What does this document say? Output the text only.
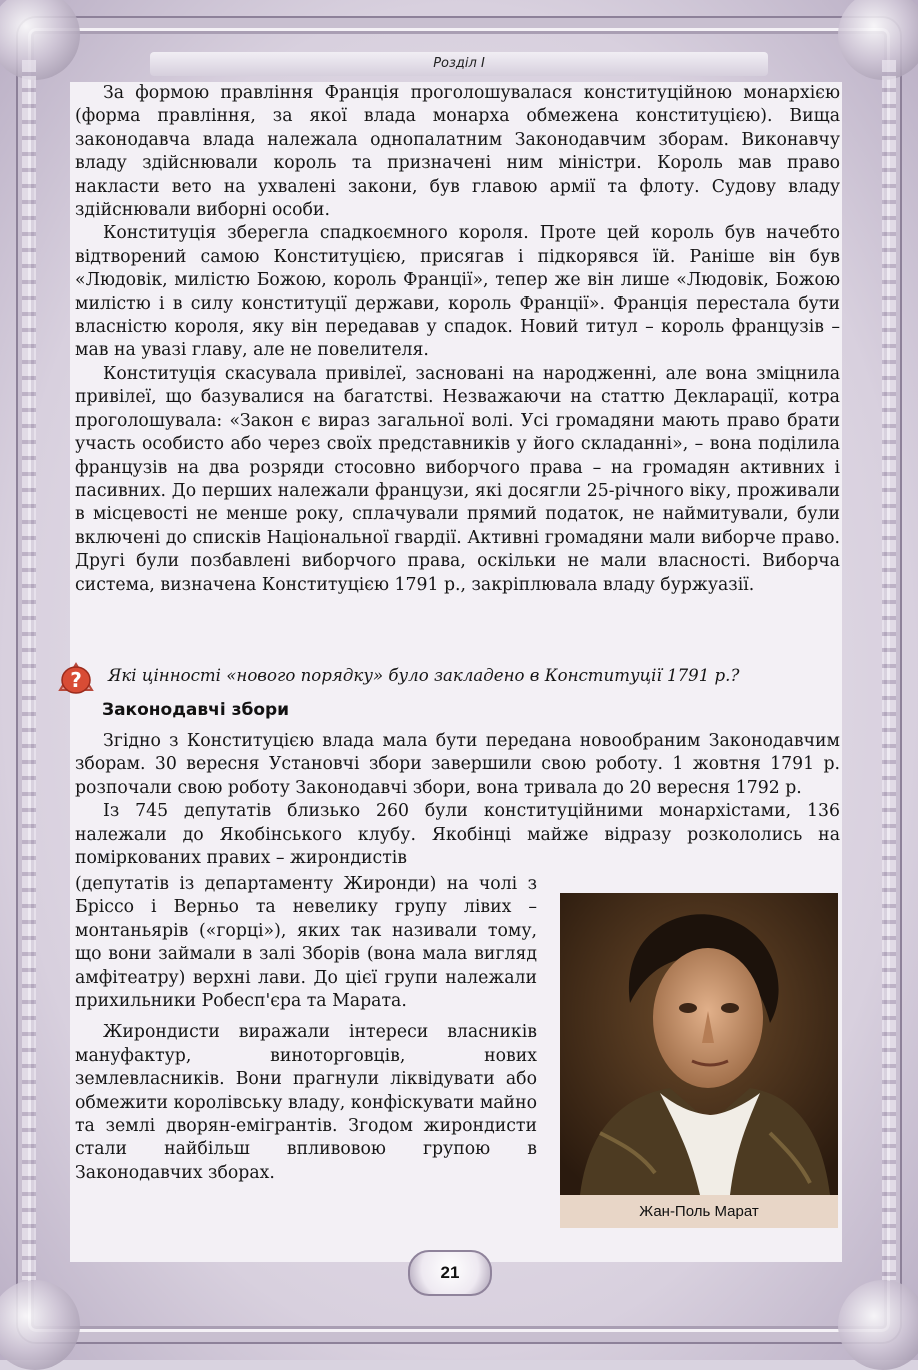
Розділ I

За формою правління Франція проголошувалася конституційною монархією (форма правління, за якої влада монарха обмежена конституцією). Вища законодавча влада належала однопалатним Законодавчим зборам. Виконавчу владу здійснювали король та призначені ним міністри. Король мав право накласти вето на ухвалені закони, був главою армії та флоту. Судову владу здійснювали виборні особи.

Конституція зберегла спадкоємного короля. Проте цей король був начебто відтворений самою Конституцією, присягав і підкорявся їй. Раніше він був «Людовік, милістю Божою, король Франції», тепер же він лише «Людовік, Божою милістю і в силу конституції держави, король Франції». Франція перестала бути власністю короля, яку він передавав у спадок. Новий титул – король французів – мав на увазі главу, але не повелителя.

Конституція скасувала привілеї, засновані на народженні, але вона зміцнила привілеї, що базувалися на багатстві. Незважаючи на статтю Декларації, котра проголошувала: «Закон є вираз загальної волі. Усі громадяни мають право брати участь особисто або через своїх представників у його складанні», – вона поділила французів на два розряди стосовно виборчого права – на громадян активних і пасивних. До перших належали французи, які досягли 25-річного віку, проживали в місцевості не менше року, сплачували прямий податок, не наймитували, були включені до списків Національної гвардії. Активні громадяни мали виборче право. Другі були позбавлені виборчого права, оскільки не мали власності. Виборча система, визначена Конституцією 1791 р., закріплювала владу буржуазії.

? Які цінності «нового порядку» було закладено в Конституції 1791 р.?
Законодавчі збори

Згідно з Конституцією влада мала бути передана новообраним Законодавчим зборам. 30 вересня Установчі збори завершили свою роботу. 1 жовтня 1791 р. розпочали свою роботу Законодавчі збори, вона тривала до 20 вересня 1792 р.

Із 745 депутатів близько 260 були конституційними монархістами, 136 належали до Якобінського клубу. Якобінці майже відразу розкололись на поміркованих правих – жирондистів

(депутатів із департаменту Жиронди) на чолі з Бріссо і Верньо та невелику групу лівих – монтаньярів («горці»), яких так називали тому, що вони займали в залі Зборів (вона мала вигляд амфітеатру) верхні лави. До цієї групи належали прихильники Робесп'єра та Марата.

Жирондисти виражали інтереси власників мануфактур, виноторговців, нових землевласників. Вони прагнули ліквідувати або обмежити королівську владу, конфіскувати майно та землі дворян-емігрантів. Згодом жирондисти стали найбільш впливовою групою в Законодавчих зборах.

Жан-Поль Марат
21
